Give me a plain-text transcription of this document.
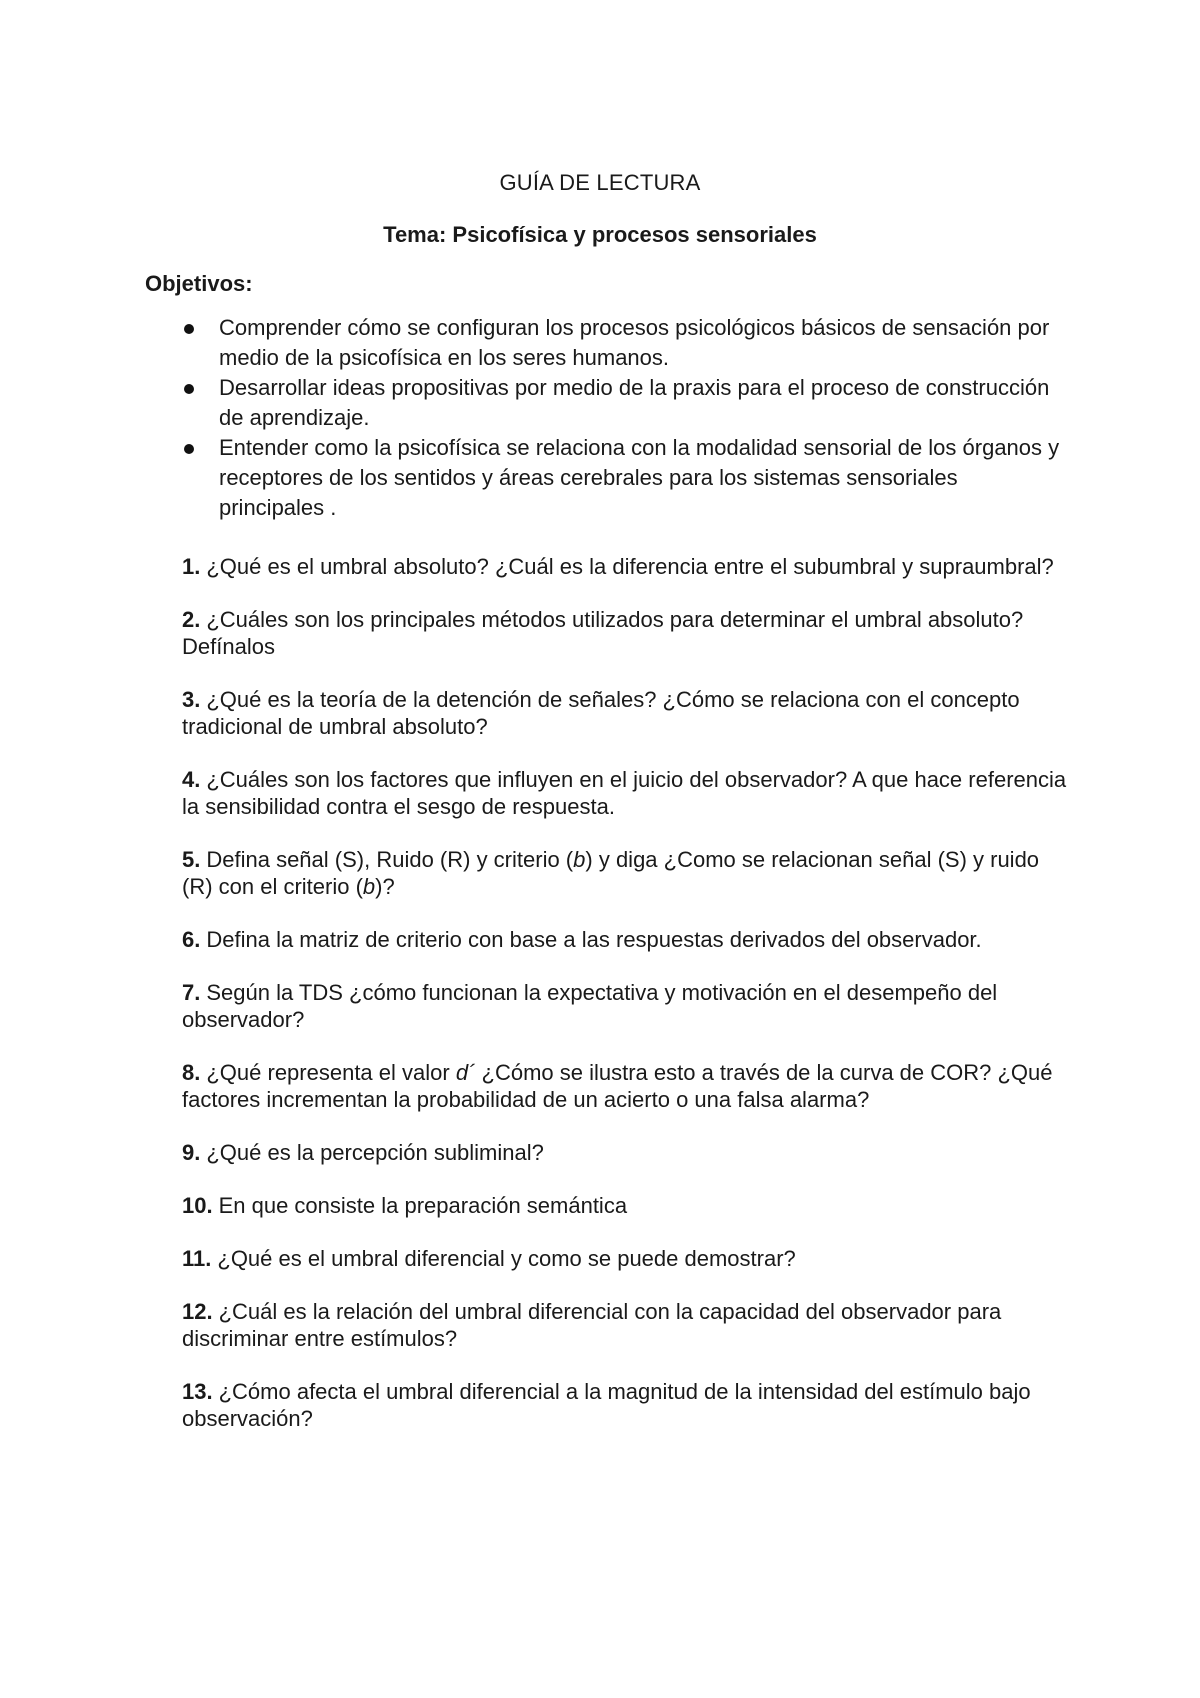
GUÍA DE LECTURA
Tema: Psicofísica y procesos sensoriales

Objetivos:

Comprender cómo se configuran los procesos psicológicos básicos de sensación por medio de la psicofísica en los seres humanos.
Desarrollar ideas propositivas por medio de la praxis para el proceso de construcción de aprendizaje.
Entender como la psicofísica se relaciona con la modalidad sensorial de los órganos y receptores de los sentidos y áreas cerebrales para los sistemas sensoriales principales .

1. ¿Qué es el umbral absoluto? ¿Cuál es la diferencia entre el subumbral y supraumbral?

2. ¿Cuáles son los principales métodos utilizados para determinar el umbral absoluto? Defínalos

3. ¿Qué es la teoría de la detención de señales? ¿Cómo se relaciona con el concepto tradicional de umbral absoluto?

4. ¿Cuáles son los factores que influyen en el juicio del observador? A que hace referencia la sensibilidad contra el sesgo de respuesta.

5. Defina señal (S), Ruido (R) y criterio (b) y diga ¿Como se relacionan señal (S) y ruido (R) con el criterio (b)?

6. Defina la matriz de criterio con base a las respuestas derivados del observador.

7. Según la TDS ¿cómo funcionan la expectativa y motivación en el desempeño del observador?

8. ¿Qué representa el valor d´ ¿Cómo se ilustra esto a través de la curva de COR? ¿Qué factores incrementan la probabilidad de un acierto o una falsa alarma?

9. ¿Qué es la percepción subliminal?

10. En que consiste la preparación semántica

11. ¿Qué es el umbral diferencial y como se puede demostrar?

12. ¿Cuál es la relación del umbral diferencial con la capacidad del observador para discriminar entre estímulos?

13. ¿Cómo afecta el umbral diferencial a la magnitud de la intensidad del estímulo bajo observación?
